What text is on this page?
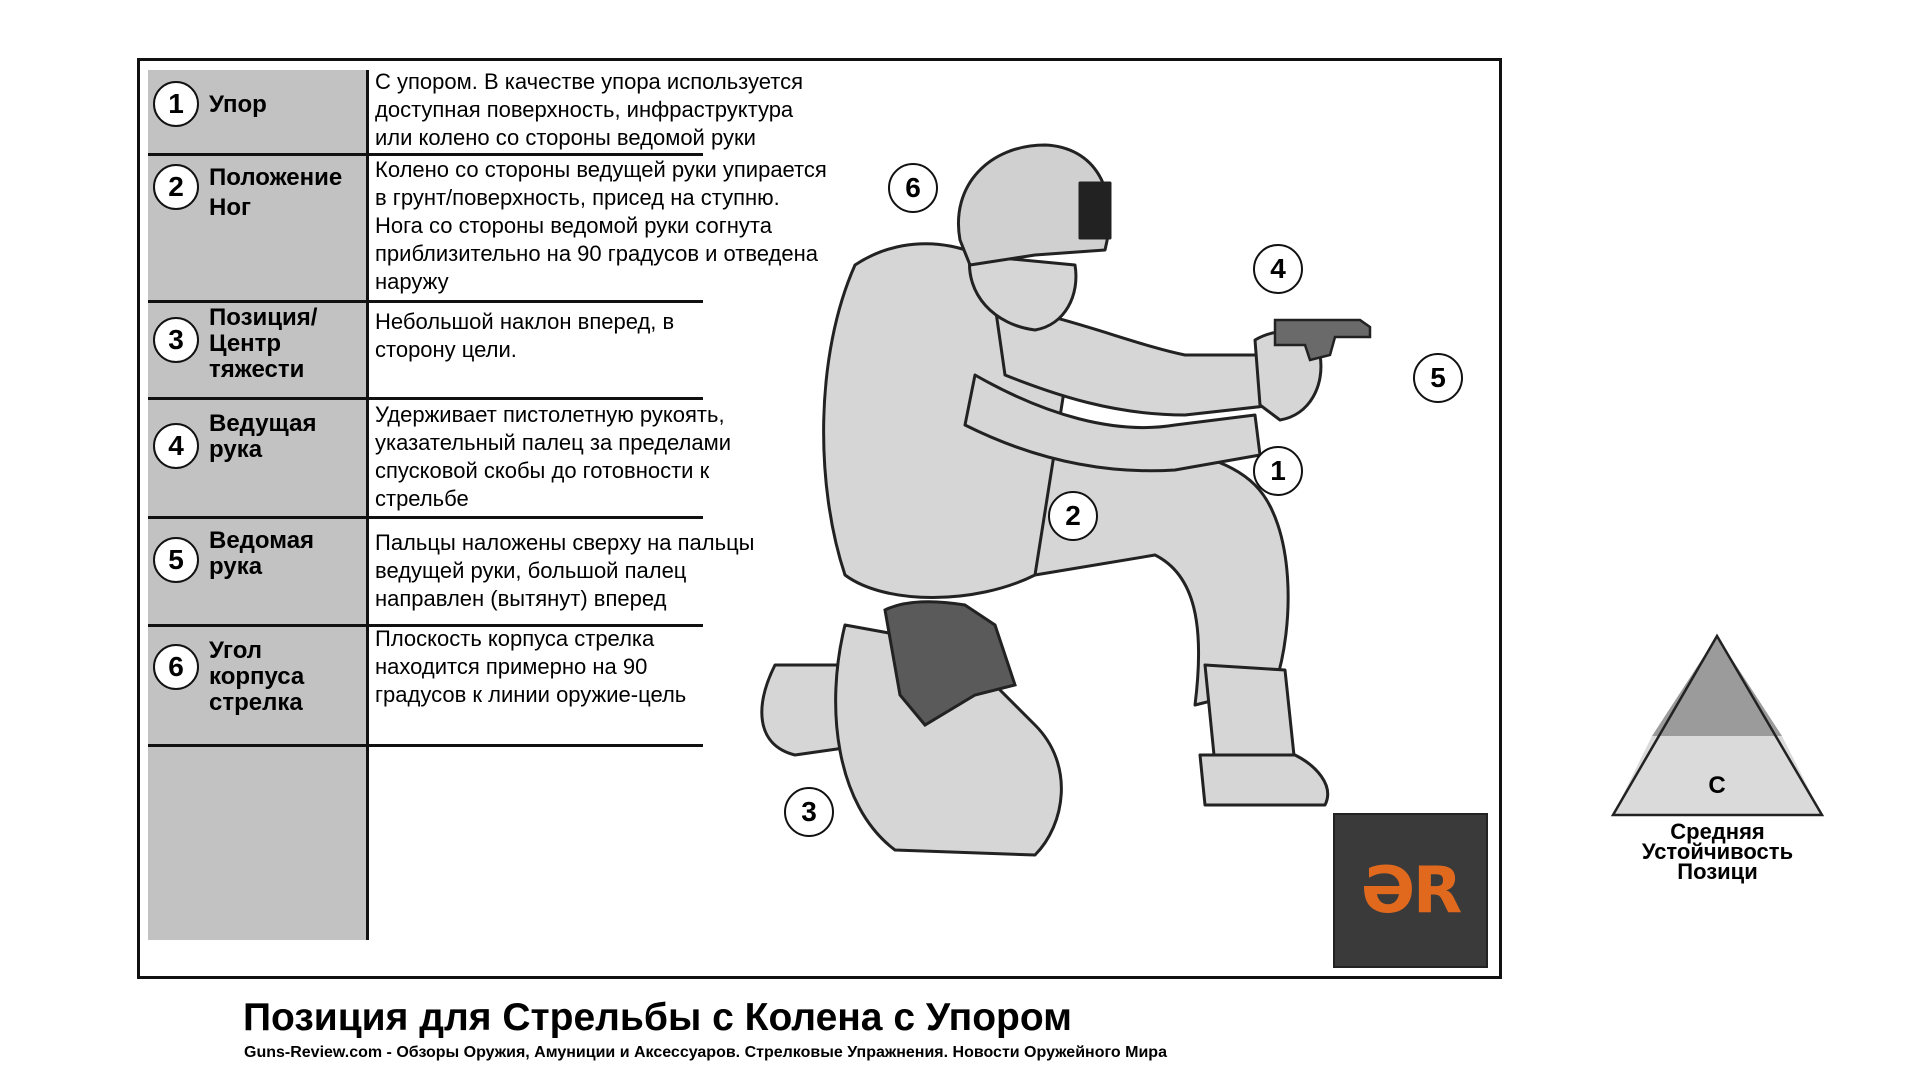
1	Упор
С упором. В качестве упора используется
доступная поверхность, инфраструктура
или колено со стороны ведомой руки
2	Положение Ног
Колено со стороны ведущей руки упирается
в грунт/поверхность, присед на ступню.
Нога со стороны ведомой руки согнута
приблизительно на 90 градусов и отведена
наружу
3
Позиция/ Центр тяжести
Небольшой наклон вперед, в
сторону цели.
4
Ведущая рука
Удерживает пистолетную рукоять,
указательный палец за пределами
спусковой скобы до готовности к
стрельбе
5
Ведомая рука
Пальцы наложены сверху на пальцы
ведущей руки, большой палец
направлен (вытянут) вперед
6
Угол корпуса стрелка
Плоскость корпуса стрелка
находится примерно на 90
градусов к линии оружие-цель
6
4
5
1
2
3
ƏR
C
Средняя
Устойчивость
Позици
Позиция для Стрельбы с Колена с Упором
Guns-Review.com - Обзоры Оружия, Амуниции и Аксессуаров. Стрелковые Упражнения. Новости Оружейного Мира
